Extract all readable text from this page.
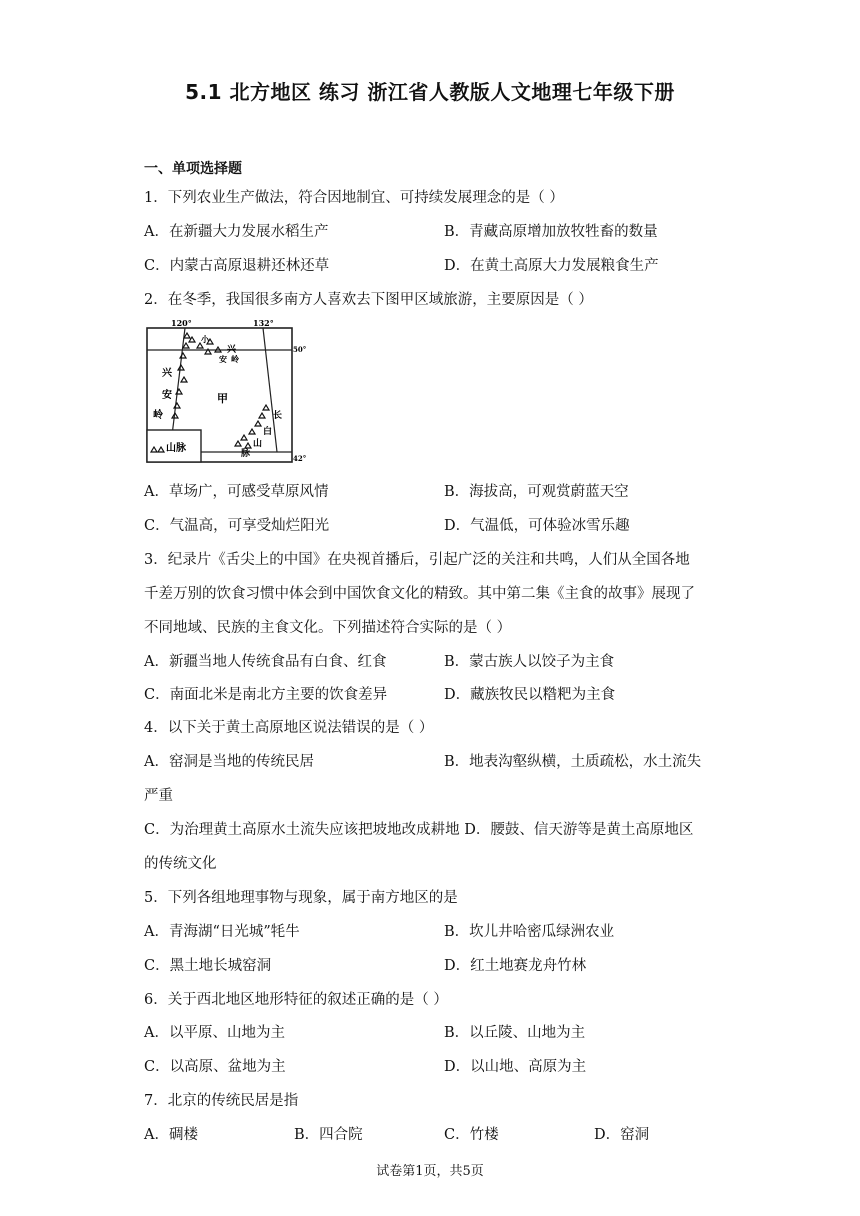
5.1 北方地区 练习 浙江省人教版人文地理七年级下册
一、单项选择题
1．下列农业生产做法，符合因地制宜、可持续发展理念的是（ ）
A．在新疆大力发展水稻生产	B．青藏高原增加放牧牲畜的数量
C．内蒙古高原退耕还林还草	D．在黄土高原大力发展粮食生产
2．在冬季，我国很多南方人喜欢去下图甲区域旅游，主要原因是（ ）
120°	132°
50°
42°
甲
兴
安
岭
小
兴
安 岭
长
白
山
脉
山脉
A．草场广，可感受草原风情	B．海拔高，可观赏蔚蓝天空
C．气温高，可享受灿烂阳光	D．气温低，可体验冰雪乐趣
3．纪录片《舌尖上的中国》在央视首播后，引起广泛的关注和共鸣，人们从全国各地
千差万别的饮食习惯中体会到中国饮食文化的精致。其中第二集《主食的故事》展现了
不同地域、民族的主食文化。下列描述符合实际的是（ ）
A．新疆当地人传统食品有白食、红食	B．蒙古族人以饺子为主食
C．南面北米是南北方主要的饮食差异	D．藏族牧民以糌粑为主食
4．以下关于黄土高原地区说法错误的是（ ）
A．窑洞是当地的传统民居	B．地表沟壑纵横，土质疏松，水土流失
严重
C．为治理黄土高原水土流失应该把坡地改成耕地 D．腰鼓、信天游等是黄土高原地区
的传统文化
5．下列各组地理事物与现象，属于南方地区的是
A．青海湖“日光城”牦牛	B．坎儿井哈密瓜绿洲农业
C．黑土地长城窑洞	D．红土地赛龙舟竹林
6．关于西北地区地形特征的叙述正确的是（ ）
A．以平原、山地为主	B．以丘陵、山地为主
C．以高原、盆地为主	D．以山地、高原为主
7．北京的传统民居是指
A．碉楼	B．四合院	C．竹楼	D．窑洞
试卷第1页，共5页
